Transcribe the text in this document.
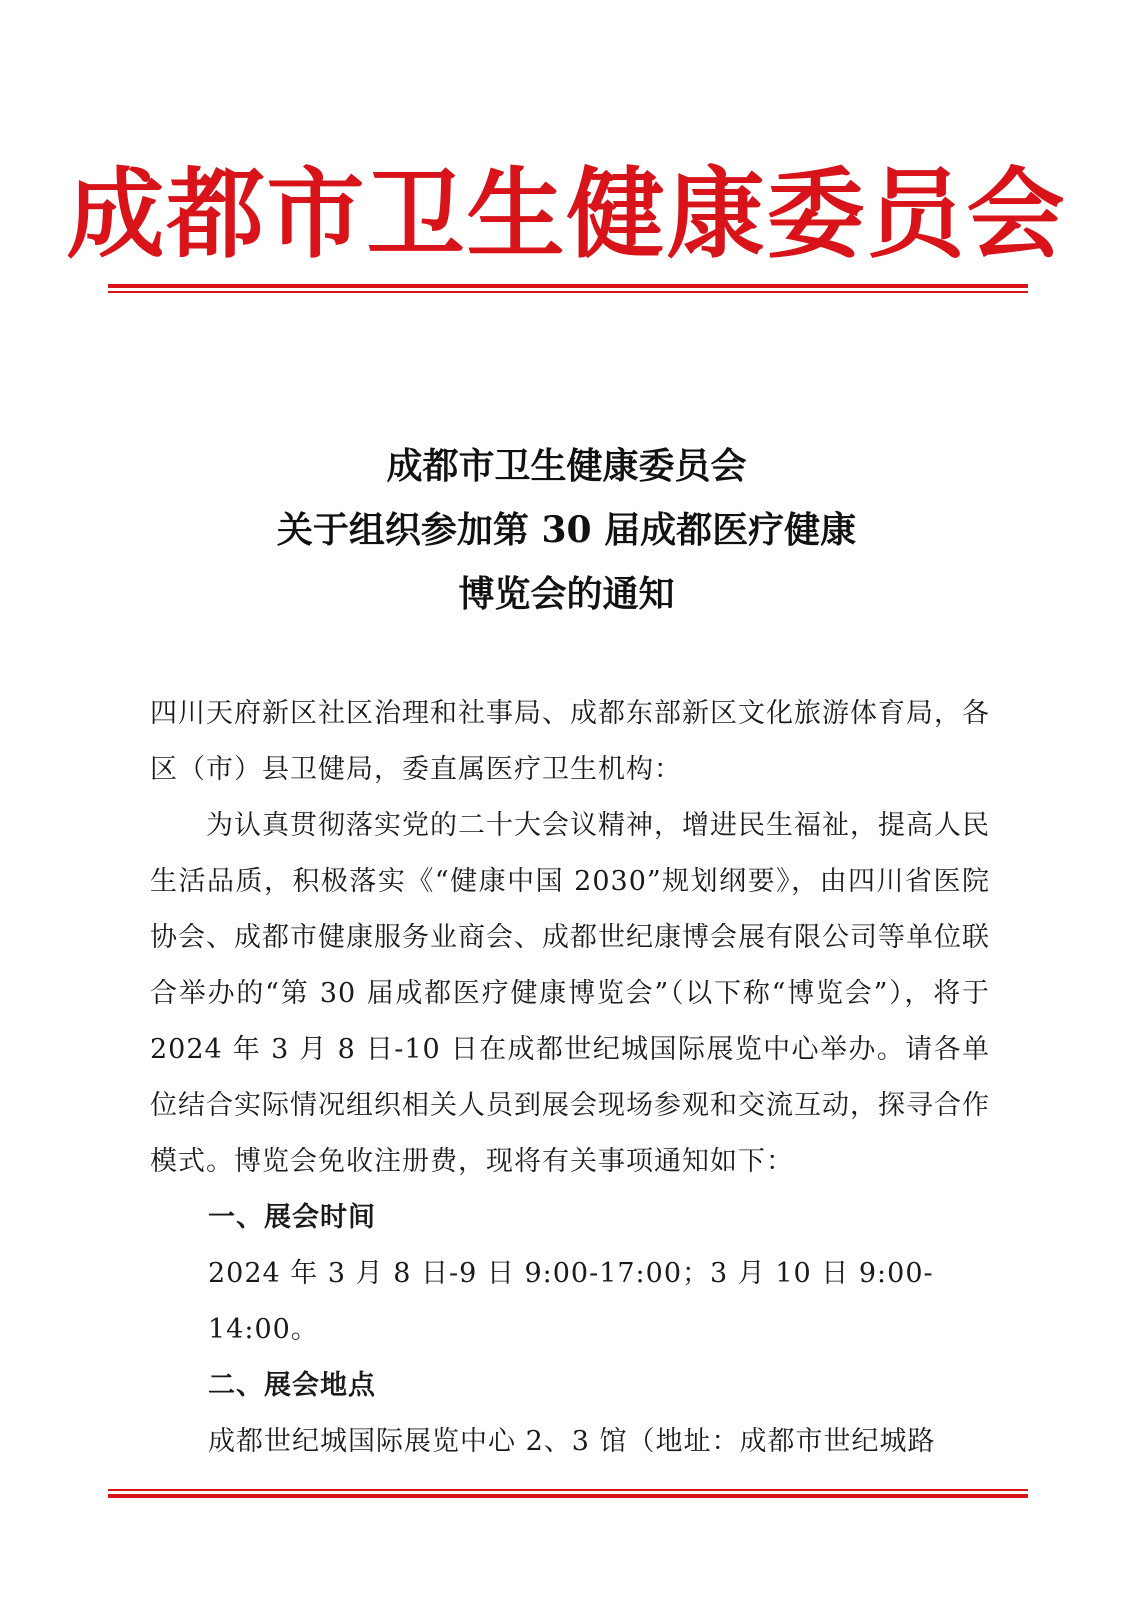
成都市卫生健康委员会
成都市卫生健康委员会
关于组织参加第 30 届成都医疗健康
博览会的通知

四川天府新区社区治理和社事局、成都东部新区文化旅游体育局，各区（市）县卫健局，委直属医疗卫生机构：

为认真贯彻落实党的二十大会议精神，增进民生福祉，提高人民生活品质，积极落实《“健康中国 2030”规划纲要》，由四川省医院协会、成都市健康服务业商会、成都世纪康博会展有限公司等单位联合举办的“第 30 届成都医疗健康博览会”（以下称“博览会”），将于 2024 年 3 月 8 日-10 日在成都世纪城国际展览中心举办。请各单位结合实际情况组织相关人员到展会现场参观和交流互动，探寻合作模式。博览会免收注册费，现将有关事项通知如下：

一、展会时间

2024 年 3 月 8 日-9 日 9:00-17:00；3 月 10 日 9:00-14:00。

二、展会地点

成都世纪城国际展览中心 2、3 馆（地址：成都市世纪城路
